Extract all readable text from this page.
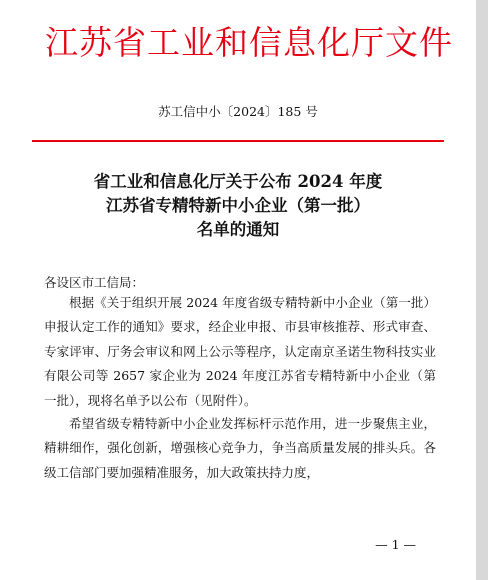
江苏省工业和信息化厅文件
苏工信中小〔2024〕185 号
省工业和信息化厅关于公布 2024 年度
江苏省专精特新中小企业（第一批）
名单的通知
各设区市工信局：

根据《关于组织开展 2024 年度省级专精特新中小企业（第一批）申报认定工作的通知》要求，经企业申报、市县审核推荐、形式审查、专家评审、厅务会审议和网上公示等程序，认定南京圣诺生物科技实业有限公司等 2657 家企业为 2024 年度江苏省专精特新中小企业（第一批），现将名单予以公布（见附件）。

希望省级专精特新中小企业发挥标杆示范作用，进一步聚焦主业，精耕细作，强化创新，增强核心竞争力，争当高质量发展的排头兵。各级工信部门要加强精准服务，加大政策扶持力度，

— 1 —
